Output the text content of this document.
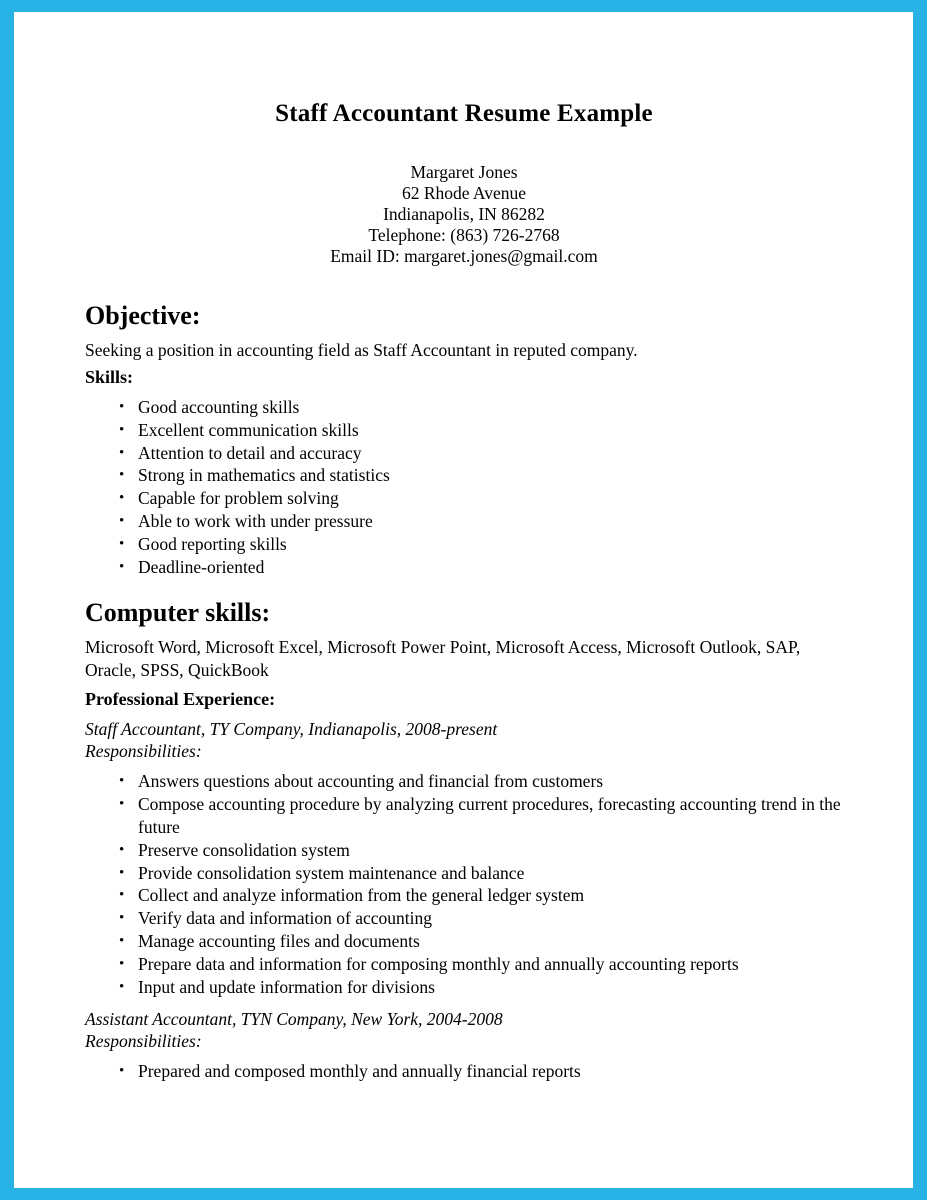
Staff Accountant Resume Example
Margaret Jones
62 Rhode Avenue
Indianapolis, IN 86282
Telephone: (863) 726-2768
Email ID: margaret.jones@gmail.com
Objective:

Seeking a position in accounting field as Staff Accountant in reputed company.

Skills:
• Good accounting skills
• Excellent communication skills
• Attention to detail and accuracy
• Strong in mathematics and statistics
• Capable for problem solving
• Able to work with under pressure
• Good reporting skills
• Deadline-oriented
Computer skills:

Microsoft Word, Microsoft Excel, Microsoft Power Point, Microsoft Access, Microsoft Outlook, SAP, Oracle, SPSS, QuickBook

Professional Experience:

Staff Accountant, TY Company, Indianapolis, 2008-present

Responsibilities:

• Answers questions about accounting and financial from customers
• Compose accounting procedure by analyzing current procedures, forecasting accounting trend in the future
• Preserve consolidation system
• Provide consolidation system maintenance and balance
• Collect and analyze information from the general ledger system
• Verify data and information of accounting
• Manage accounting files and documents
• Prepare data and information for composing monthly and annually accounting reports
• Input and update information for divisions

Assistant Accountant, TYN Company, New York, 2004-2008

Responsibilities:

• Prepared and composed monthly and annually financial reports
